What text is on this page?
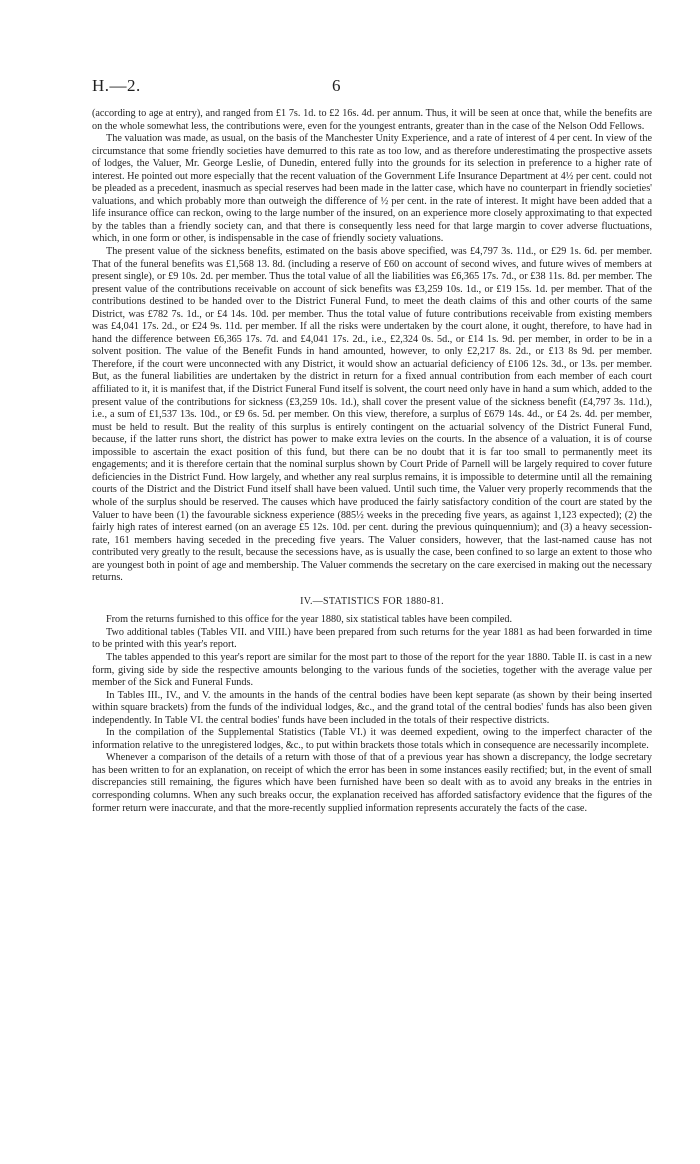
H.—2.	6

(according to age at entry), and ranged from £1 7s. 1d. to £2 16s. 4d. per annum. Thus, it will be seen at once that, while the benefits are on the whole somewhat less, the contributions were, even for the youngest entrants, greater than in the case of the Nelson Odd Fellows.

The valuation was made, as usual, on the basis of the Manchester Unity Experience, and a rate of interest of 4 per cent. In view of the circumstance that some friendly societies have demurred to this rate as too low, and as therefore underestimating the prospective assets of lodges, the Valuer, Mr. George Leslie, of Dunedin, entered fully into the grounds for its selection in preference to a higher rate of interest. He pointed out more especially that the recent valuation of the Government Life Insurance Department at 4½ per cent. could not be pleaded as a precedent, inasmuch as special reserves had been made in the latter case, which have no counterpart in friendly societies' valuations, and which probably more than outweigh the difference of ½ per cent. in the rate of interest. It might have been added that a life insurance office can reckon, owing to the large number of the insured, on an experience more closely approximating to that expected by the tables than a friendly society can, and that there is consequently less need for that large margin to cover adverse fluctuations, which, in one form or other, is indispensable in the case of friendly society valuations.

The present value of the sickness benefits, estimated on the basis above specified, was £4,797 3s. 11d., or £29 1s. 6d. per member. That of the funeral benefits was £1,568 13. 8d. (including a reserve of £60 on account of second wives, and future wives of members at present single), or £9 10s. 2d. per member. Thus the total value of all the liabilities was £6,365 17s. 7d., or £38 11s. 8d. per member. The present value of the contributions receivable on account of sick benefits was £3,259 10s. 1d., or £19 15s. 1d. per member. That of the contributions destined to be handed over to the District Funeral Fund, to meet the death claims of this and other courts of the same District, was £782 7s. 1d., or £4 14s. 10d. per member. Thus the total value of future contributions receivable from existing members was £4,041 17s. 2d., or £24 9s. 11d. per member. If all the risks were undertaken by the court alone, it ought, therefore, to have had in hand the difference between £6,365 17s. 7d. and £4,041 17s. 2d., i.e., £2,324 0s. 5d., or £14 1s. 9d. per member, in order to be in a solvent position. The value of the Benefit Funds in hand amounted, however, to only £2,217 8s. 2d., or £13 8s 9d. per member. Therefore, if the court were unconnected with any District, it would show an actuarial deficiency of £106 12s. 3d., or 13s. per member. But, as the funeral liabilities are undertaken by the district in return for a fixed annual contribution from each member of each court affiliated to it, it is manifest that, if the District Funeral Fund itself is solvent, the court need only have in hand a sum which, added to the present value of the contributions for sickness (£3,259 10s. 1d.), shall cover the present value of the sickness benefit (£4,797 3s. 11d.), i.e., a sum of £1,537 13s. 10d., or £9 6s. 5d. per member. On this view, therefore, a surplus of £679 14s. 4d., or £4 2s. 4d. per member, must be held to result. But the reality of this surplus is entirely contingent on the actuarial solvency of the District Funeral Fund, because, if the latter runs short, the district has power to make extra levies on the courts. In the absence of a valuation, it is of course impossible to ascertain the exact position of this fund, but there can be no doubt that it is far too small to permanently meet its engagements; and it is therefore certain that the nominal surplus shown by Court Pride of Parnell will be largely required to cover future deficiencies in the District Fund. How largely, and whether any real surplus remains, it is impossible to determine until all the remaining courts of the District and the District Fund itself shall have been valued. Until such time, the Valuer very properly recommends that the whole of the surplus should be reserved. The causes which have produced the fairly satisfactory condition of the court are stated by the Valuer to have been (1) the favourable sickness experience (885½ weeks in the preceding five years, as against 1,123 expected); (2) the fairly high rates of interest earned (on an average £5 12s. 10d. per cent. during the previous quinquennium); and (3) a heavy secession-rate, 161 members having seceded in the preceding five years. The Valuer considers, however, that the last-named cause has not contributed very greatly to the result, because the secessions have, as is usually the case, been confined to so large an extent to those who are youngest both in point of age and membership. The Valuer commends the secretary on the care exercised in making out the necessary returns.

IV.—STATISTICS FOR 1880-81.

From the returns furnished to this office for the year 1880, six statistical tables have been compiled.

Two additional tables (Tables VII. and VIII.) have been prepared from such returns for the year 1881 as had been forwarded in time to be printed with this year's report.

The tables appended to this year's report are similar for the most part to those of the report for the year 1880. Table II. is cast in a new form, giving side by side the respective amounts belonging to the various funds of the societies, together with the average value per member of the Sick and Funeral Funds.

In Tables III., IV., and V. the amounts in the hands of the central bodies have been kept separate (as shown by their being inserted within square brackets) from the funds of the individual lodges, &c., and the grand total of the central bodies' funds has also been given independently. In Table VI. the central bodies' funds have been included in the totals of their respective districts.

In the compilation of the Supplemental Statistics (Table VI.) it was deemed expedient, owing to the imperfect character of the information relative to the unregistered lodges, &c., to put within brackets those totals which in consequence are necessarily incomplete.

Whenever a comparison of the details of a return with those of that of a previous year has shown a discrepancy, the lodge secretary has been written to for an explanation, on receipt of which the error has been in some instances easily rectified; but, in the event of small discrepancies still remaining, the figures which have been furnished have been so dealt with as to avoid any breaks in the entries in corresponding columns. When any such breaks occur, the explanation received has afforded satisfactory evidence that the figures of the former return were inaccurate, and that the more-recently supplied information represents accurately the facts of the case.
